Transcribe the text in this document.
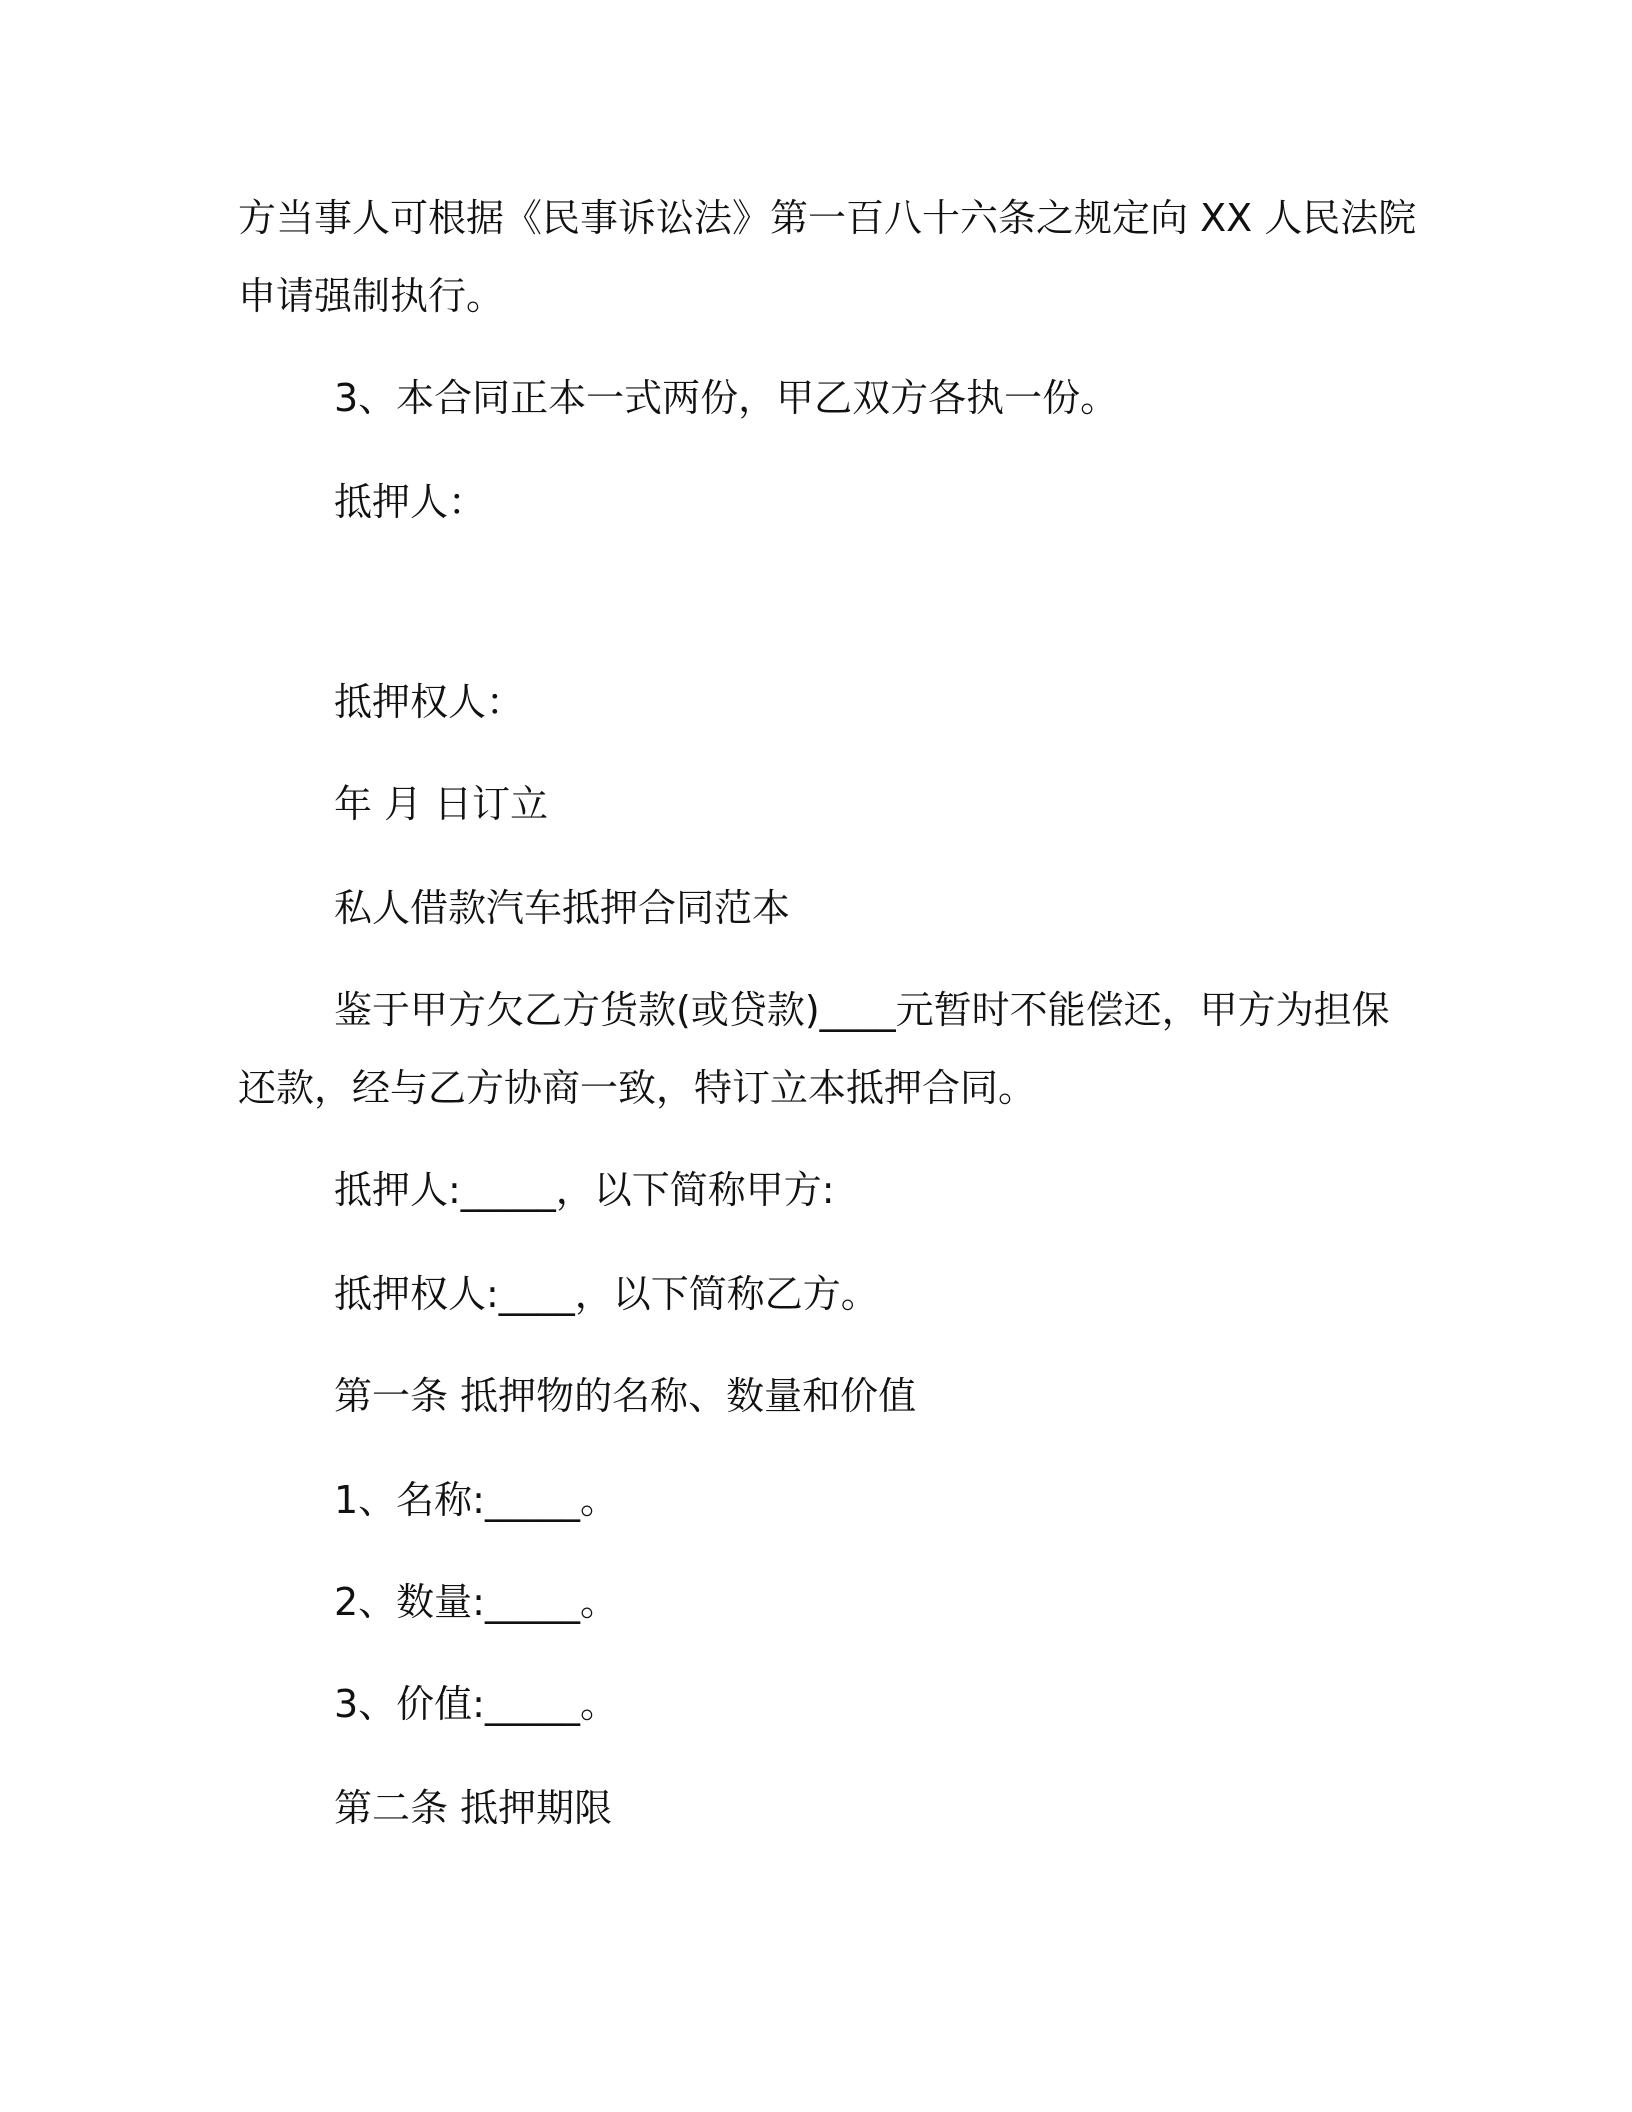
方当事人可根据《民事诉讼法》第一百八十六条之规定向 XX 人民法院
申请强制执行。
3、本合同正本一式两份，甲乙双方各执一份。
抵押人：
抵押权人：
年 月 日订立
私人借款汽车抵押合同范本
鉴于甲方欠乙方货款(或贷款)____元暂时不能偿还，甲方为担保
还款，经与乙方协商一致，特订立本抵押合同。
抵押人:_____，以下简称甲方:
抵押权人:____，以下简称乙方。
第一条 抵押物的名称、数量和价值
1、名称:_____。
2、数量:_____。
3、价值:_____。
第二条 抵押期限
